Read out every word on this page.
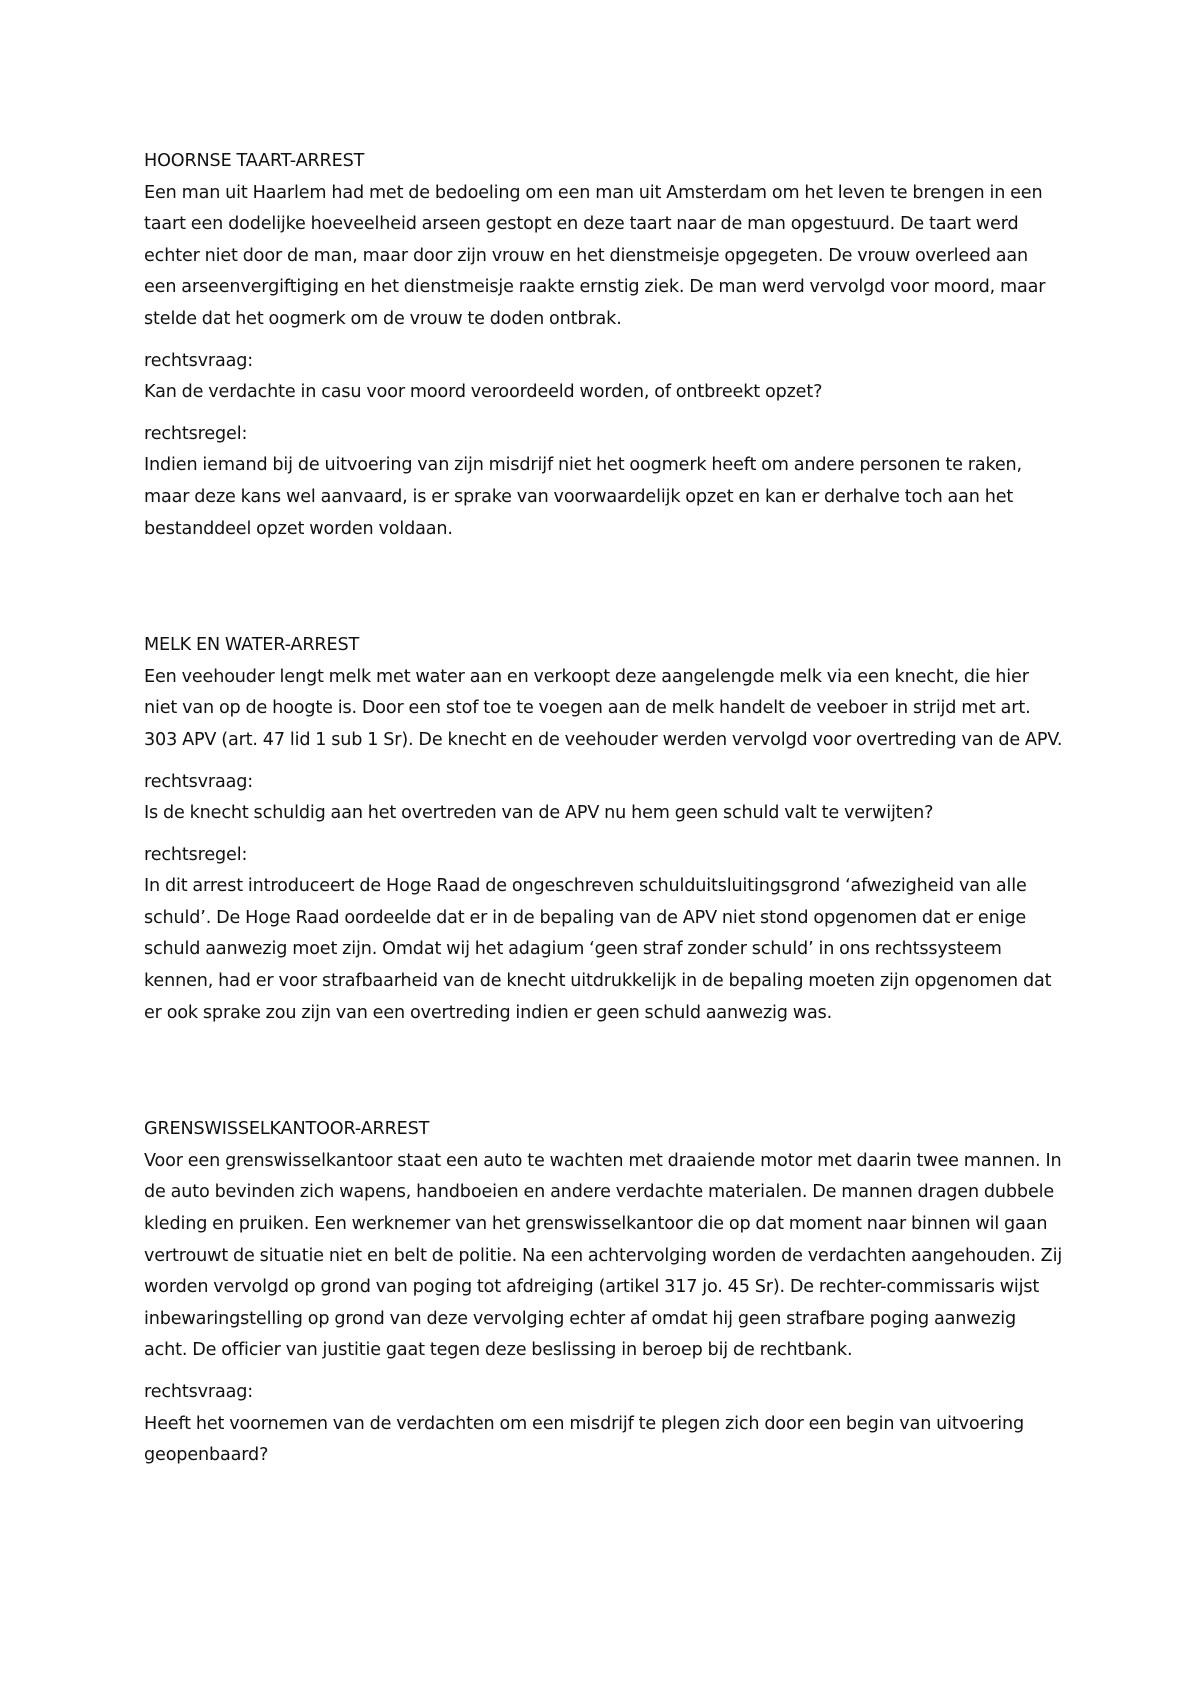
HOORNSE TAART-ARREST

Een man uit Haarlem had met de bedoeling om een man uit Amsterdam om het leven te brengen in een taart een dodelijke hoeveelheid arseen gestopt en deze taart naar de man opgestuurd. De taart werd echter niet door de man, maar door zijn vrouw en het dienstmeisje opgegeten. De vrouw overleed aan een arseenvergiftiging en het dienstmeisje raakte ernstig ziek. De man werd vervolgd voor moord, maar stelde dat het oogmerk om de vrouw te doden ontbrak.

rechtsvraag:

Kan de verdachte in casu voor moord veroordeeld worden, of ontbreekt opzet?

rechtsregel:

Indien iemand bij de uitvoering van zijn misdrijf niet het oogmerk heeft om andere personen te raken, maar deze kans wel aanvaard, is er sprake van voorwaardelijk opzet en kan er derhalve toch aan het bestanddeel opzet worden voldaan.

MELK EN WATER-ARREST

Een veehouder lengt melk met water aan en verkoopt deze aangelengde melk via een knecht, die hier niet van op de hoogte is. Door een stof toe te voegen aan de melk handelt de veeboer in strijd met art. 303 APV (art. 47 lid 1 sub 1 Sr). De knecht en de veehouder werden vervolgd voor overtreding van de APV.

rechtsvraag:

Is de knecht schuldig aan het overtreden van de APV nu hem geen schuld valt te verwijten?

rechtsregel:

In dit arrest introduceert de Hoge Raad de ongeschreven schulduitsluitingsgrond ‘afwezigheid van alle schuld’. De Hoge Raad oordeelde dat er in de bepaling van de APV niet stond opgenomen dat er enige schuld aanwezig moet zijn. Omdat wij het adagium ‘geen straf zonder schuld’ in ons rechtssysteem kennen, had er voor strafbaarheid van de knecht uitdrukkelijk in de bepaling moeten zijn opgenomen dat er ook sprake zou zijn van een overtreding indien er geen schuld aanwezig was.

GRENSWISSELKANTOOR-ARREST

Voor een grenswisselkantoor staat een auto te wachten met draaiende motor met daarin twee mannen. In de auto bevinden zich wapens, handboeien en andere verdachte materialen. De mannen dragen dubbele kleding en pruiken. Een werknemer van het grenswisselkantoor die op dat moment naar binnen wil gaan vertrouwt de situatie niet en belt de politie. Na een achtervolging worden de verdachten aangehouden. Zij worden vervolgd op grond van poging tot afdreiging (artikel 317 jo. 45 Sr). De rechter-commissaris wijst inbewaringstelling op grond van deze vervolging echter af omdat hij geen strafbare poging aanwezig acht. De officier van justitie gaat tegen deze beslissing in beroep bij de rechtbank.

rechtsvraag:

Heeft het voornemen van de verdachten om een misdrijf te plegen zich door een begin van uitvoering geopenbaard?
